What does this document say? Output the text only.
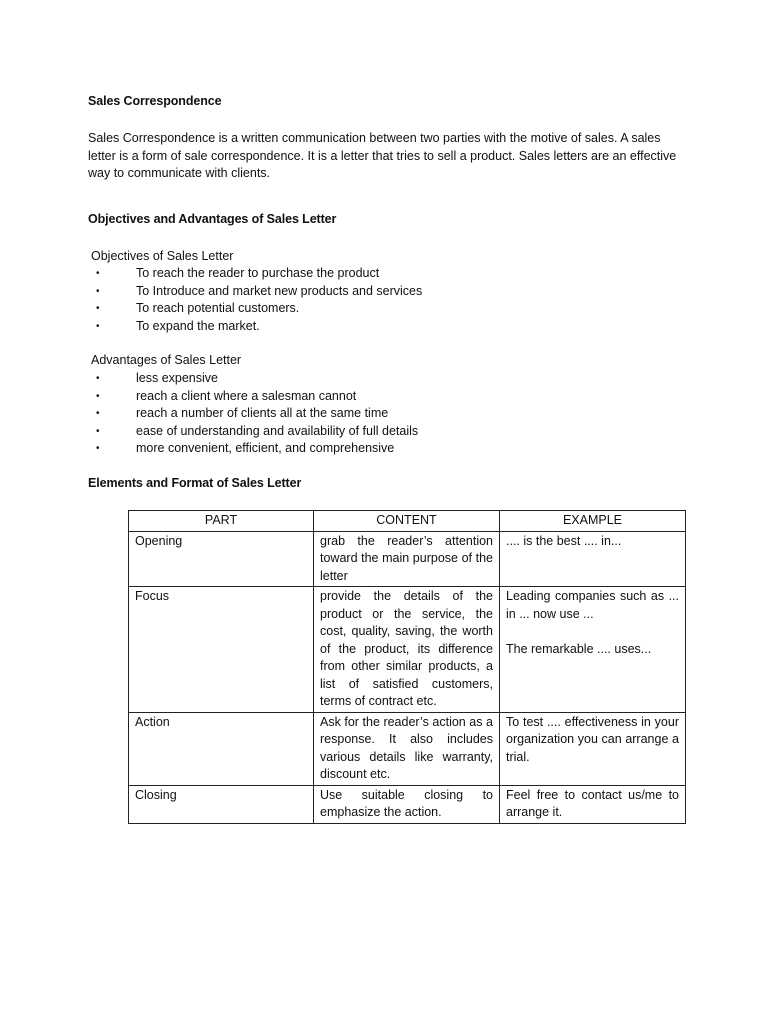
Sales Correspondence
Sales Correspondence is a written communication between two parties with the motive of sales. A sales letter is a form of sale correspondence. It is a letter that tries to sell a product. Sales letters are an effective way to communicate with clients.
Objectives and Advantages of Sales Letter
Objectives of Sales Letter
•	To reach the reader to purchase the product
•	To Introduce and market new products and services
•	To reach potential customers.
•	To expand the market.
Advantages of Sales Letter
•	less expensive
•	reach a client where a salesman cannot
•	reach a number of clients all at the same time
•	ease of understanding and availability of full details
•	more convenient, efficient, and comprehensive
Elements and Format of Sales Letter
PART	CONTENT	EXAMPLE
Opening	grab the reader’s attention toward the main purpose of the letter	.... is the best .... in...

Focus	provide the details of the product or the service, the cost, quality, saving, the worth of the product, its difference from other similar products, a list of satisfied customers, terms of contract etc.	Leading companies such as ... in ... now use ...
The remarkable .... uses...

Action	Ask for the reader’s action as a response. It also includes various details like warranty, discount etc.	To test .... effectiveness in your organization you can arrange a trial.

Closing	Use suitable closing to emphasize the action.	Feel free to contact us/me to arrange it.
